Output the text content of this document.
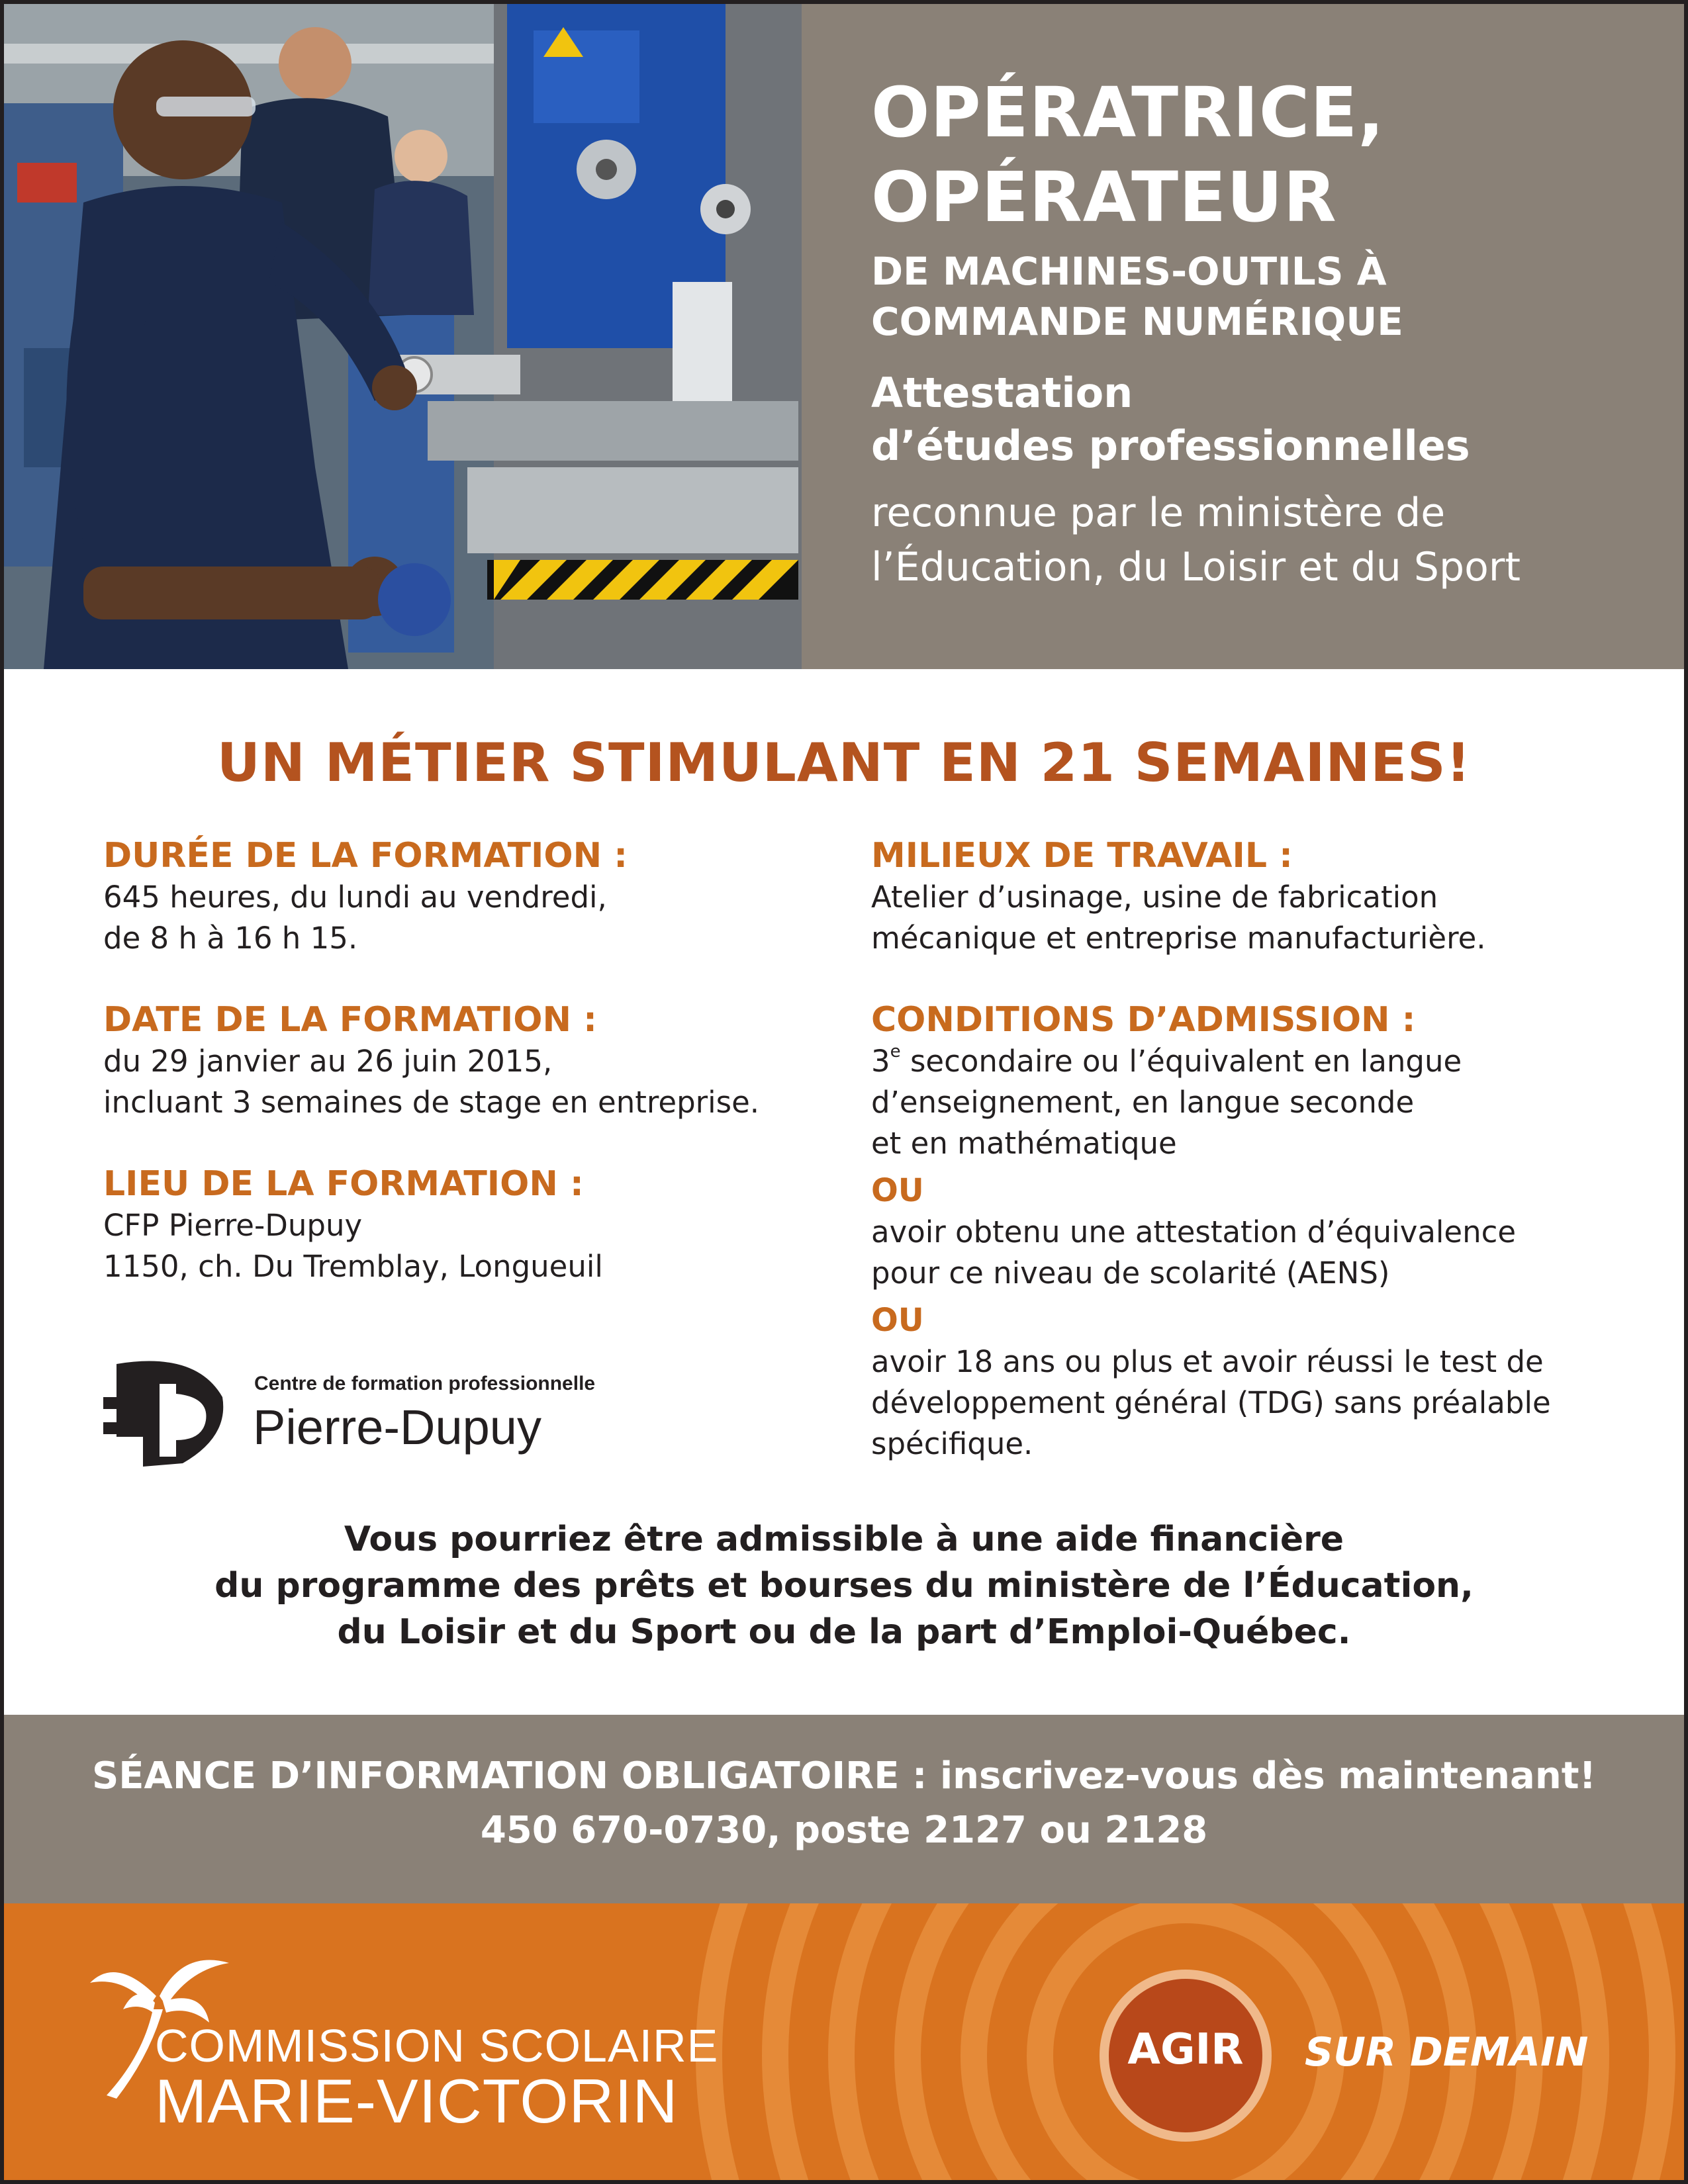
OPÉRATRICE,
OPÉRATEUR
DE MACHINES-OUTILS À
COMMANDE NUMÉRIQUE
Attestation
d’études professionnelles
reconnue par le ministère de
l’Éducation, du Loisir et du Sport
UN MÉTIER STIMULANT EN 21 SEMAINES!
DURÉE DE LA FORMATION :
645 heures, du lundi au vendredi,
de 8 h à 16 h 15.
DATE DE LA FORMATION :
du 29 janvier au 26 juin 2015,
incluant 3 semaines de stage en entreprise.
LIEU DE LA FORMATION :
CFP Pierre-Dupuy
1150, ch. Du Tremblay, Longueuil
MILIEUX DE TRAVAIL :
Atelier d’usinage, usine de fabrication
mécanique et entreprise manufacturière.
CONDITIONS D’ADMISSION :
3e secondaire ou l’équivalent en langue
d’enseignement, en langue seconde
et en mathématique
OU
avoir obtenu une attestation d’équivalence
pour ce niveau de scolarité (AENS)
OU
avoir 18 ans ou plus et avoir réussi le test de
développement général (TDG) sans préalable
spécifique.
Centre de formation professionnelle
Pierre-Dupuy
Vous pourriez être admissible à une aide financière
du programme des prêts et bourses du ministère de l’Éducation,
du Loisir et du Sport ou de la part d’Emploi-Québec.
SÉANCE D’INFORMATION OBLIGATOIRE : inscrivez-vous dès maintenant!
450 670-0730, poste 2127 ou 2128
COMMISSION SCOLAIRE
MARIE-VICTORIN
AGIR	SUR DEMAIN
